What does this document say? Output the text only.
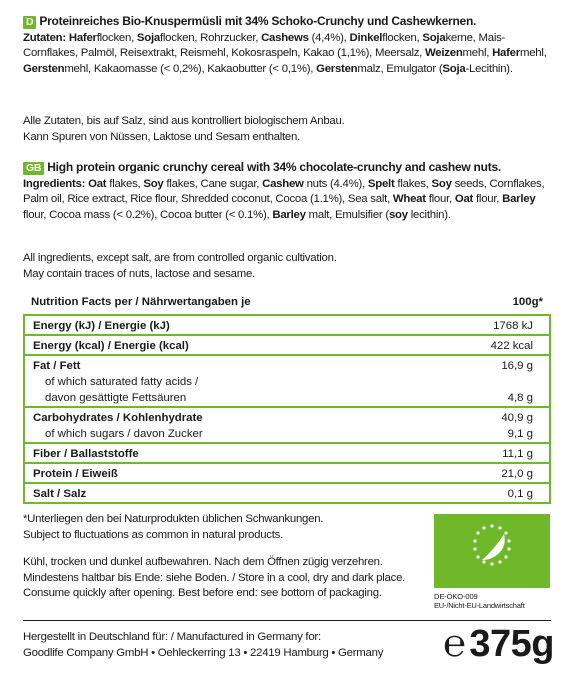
D Proteinreiches Bio-Knuspermüsli mit 34% Schoko-Crunchy und Cashewkernen.
Zutaten: Haferflocken, Sojaflocken, Rohrzucker, Cashews (4,4%), Dinkelflocken, Sojakerne, Mais-Cornflakes, Palmöl, Reisextrakt, Reismehl, Kokosraspeln, Kakao (1,1%), Meersalz, Weizenmehl, Hafermehl, Gerstenmehl, Kakaomasse (< 0,2%), Kakaobutter (< 0,1%), Gerstenmalz, Emulgator (Soja-Lecithin).
Alle Zutaten, bis auf Salz, sind aus kontrolliert biologischem Anbau.
Kann Spuren von Nüssen, Laktose und Sesam enthalten.
GB High protein organic crunchy cereal with 34% chocolate-crunchy and cashew nuts.
Ingredients: Oat flakes, Soy flakes, Cane sugar, Cashew nuts (4.4%), Spelt flakes, Soy seeds, Cornflakes, Palm oil, Rice extract, Rice flour, Shredded coconut, Cocoa (1.1%), Sea salt, Wheat flour, Oat flour, Barley flour, Cocoa mass (< 0.2%), Cocoa butter (< 0.1%), Barley malt, Emulsifier (soy lecithin).
All ingredients, except salt, are from controlled organic cultivation.
May contain traces of nuts, lactose and sesame.
Nutrition Facts per / Nährwertangaben je	100g*
Energy (kJ) / Energie (kJ)	1768 kJ
Energy (kcal) / Energie (kcal)	422 kcal
Fat / Fett	16,9 g
of which saturated fatty acids /
davon gesättigte Fettsäuren	4,8 g
Carbohydrates / Kohlenhydrate	40,9 g
of which sugars / davon Zucker	9,1 g
Fiber / Ballaststoffe	11,1 g
Protein / Eiweiß	21,0 g
Salt / Salz	0,1 g
*Unterliegen den bei Naturprodukten üblichen Schwankungen.
Subject to fluctuations as common in natural products.
Kühl, trocken und dunkel aufbewahren. Nach dem Öffnen zügig verzehren.
Mindestens haltbar bis Ende: siehe Boden. / Store in a cool, dry and dark place.
Consume quickly after opening. Best before end: see bottom of packaging.	DE-ÖKO-009
EU-/Nicht-EU-Landwirtschaft
Hergestellt in Deutschland für: / Manufactured in Germany for:
Goodlife Company GmbH • Oehleckerring 13 • 22419 Hamburg • Germany	℮ 375g
